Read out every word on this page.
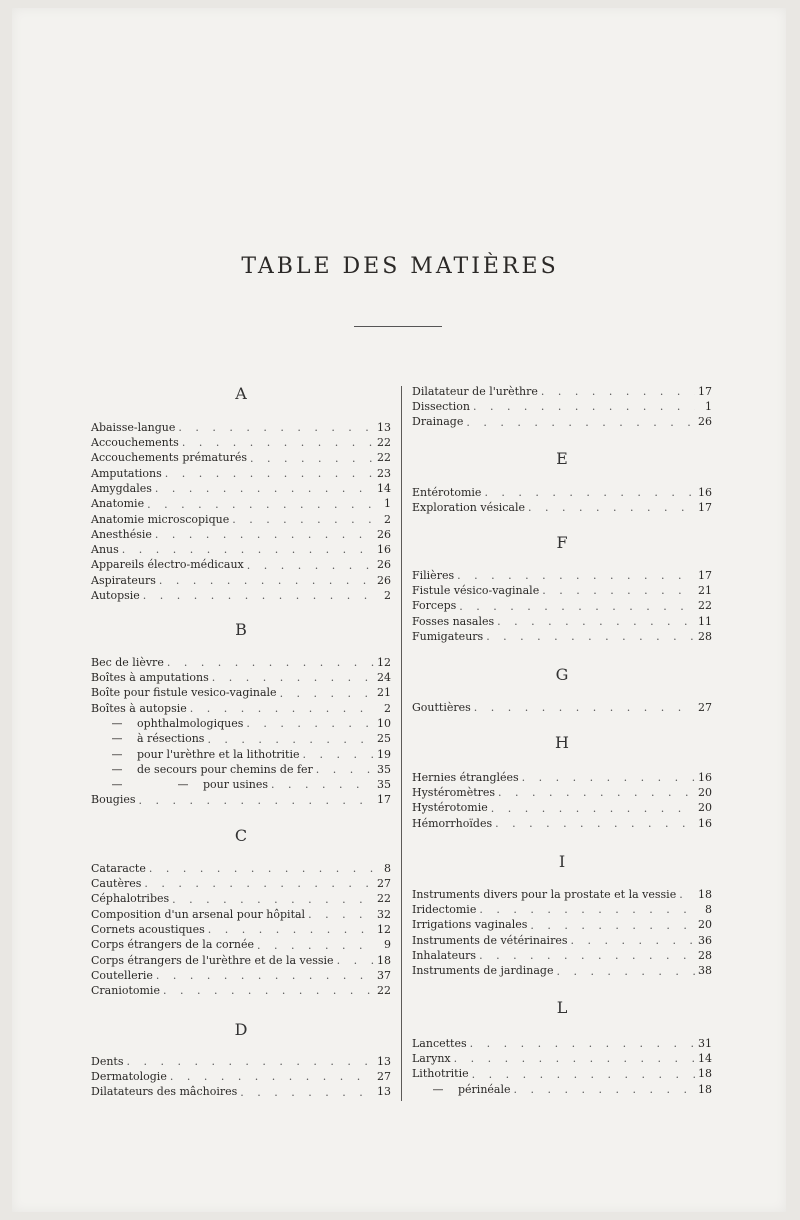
TABLE DES MATIÈRES
A
Abaisse-langue . . .	13
Accouchements . . .	22
Accouchements prématurés . . .	22
Amputations . . .	23
Amygdales . . .	14
Anatomie . . .	1
Anatomie microscopique . . .	2
Anesthésie . . .	26
Anus . . .	16
Appareils électro-médicaux . . .	26
Aspirateurs . . .	26
Autopsie . . .	2
B
Bec de lièvre . . .	12
Boîtes à amputations . . .	24
Boîte pour fistule vesico-vaginale . . .	21
Boîtes à autopsie . . .	2
— ophthalmologiques . . .	10
— à résections . . .	25
— pour l'urèthre et la lithotritie . . .	19
— de secours pour chemins de fer . . .	35
—	— pour usines . . .	35
Bougies . . .	17
C
Cataracte . . .	8
Cautères . . .	27
Céphalotribes . . .	22
Composition d'un arsenal pour hôpital . . .	32
Cornets acoustiques . . .	12
Corps étrangers de la cornée . . .	9
Corps étrangers de l'urèthre et de la vessie . . .	18
Coutellerie . . .	37
Craniotomie . . .	22
D
Dents . . .	13
Dermatologie . . .	27
Dilatateurs des mâchoires . . .	13
Dilatateur de l'urèthre . . .	17
Dissection . . .	1
Drainage . . .	26
E
Entérotomie . . .	16
Exploration vésicale . . .	17
F
Filières . . .	17
Fistule vésico-vaginale . . .	21
Forceps . . .	22
Fosses nasales . . .	11
Fumigateurs . . .	28
G
Gouttières . . .	27
H
Hernies étranglées . . .	16
Hystéromètres . . .	20
Hystérotomie . . .	20
Hémorrhoïdes . . .	16
I
Instruments divers pour la prostate et la vessie . . . 18
Iridectomie . . .	8
Irrigations vaginales . . .	20
Instruments de vétérinaires . . .	36
Inhalateurs . . .	28
Instruments de jardinage . . .	38
L
Lancettes . . .	31
Larynx . . .	14
Lithotritie . . .	18
— périnéale . . .	18
